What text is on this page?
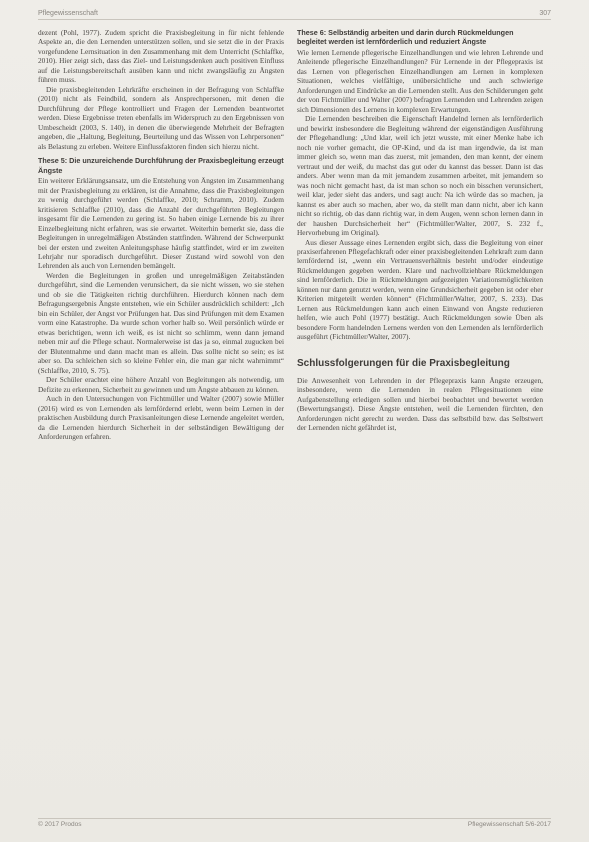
Pflegewissenschaft	307

dezent (Pohl, 1977). Zudem spricht die Praxisbegleitung in für nicht fehlende Aspekte an, die den Lernenden unterstützen sollen, und sie setzt die in der Praxis vorgefundene Lernsituation in den Zusammenhang mit dem Unterricht (Schlaffke, 2010). Hier zeigt sich, dass das Ziel- und Leistungsdenken auch positiven Einfluss auf die Leistungsbereitschaft ausüben kann und nicht zwangsläufig zu Ängsten führen muss.

Die praxisbegleitenden Lehrkräfte erscheinen in der Befragung von Schlaffke (2010) nicht als Feindbild, sondern als Ansprechpersonen, mit denen die Durchführung der Pflege kontrolliert und Fragen der Lernenden beantwortet werden. Diese Ergebnisse treten ebenfalls im Widerspruch zu den Ergebnissen von Umbescheidt (2003, S. 140), in denen die überwiegende Mehrheit der Befragten angeben, die „Haltung, Begleitung, Beurteilung und das Wissen von Lehrpersonen“ als Belastung zu erleben. Weitere Einflussfaktoren finden sich hierzu nicht.

These 5: Die unzureichende Durchführung der Praxisbegleitung erzeugt Ängste

Ein weiterer Erklärungsansatz, um die Entstehung von Ängsten im Zusammenhang mit der Praxisbegleitung zu erklären, ist die Annahme, dass die Praxisbegleitungen zu wenig durchgeführt werden (Schlaffke, 2010; Schramm, 2010). Zudem kritisieren Schlaffke (2010), dass die Anzahl der durchgeführten Begleitungen insgesamt für die Lernenden zu gering ist. So haben einige Lernende bis zu ihrer Einzelbegleitung nicht erfahren, was sie erwartet. Weiterhin bemerkt sie, dass die Begleitungen in unregelmäßigen Abständen stattfinden. Während der Schwerpunkt bei der ersten und zweiten Anleitungsphase häufig stattfindet, wird er im zweiten Lehrjahr nur sporadisch durchgeführt. Dieser Zustand wird sowohl von den Lehrenden als auch von Lernenden bemängelt.

Werden die Begleitungen in großen und unregelmäßigen Zeitabständen durchgeführt, sind die Lernenden verunsichert, da sie nicht wissen, wo sie stehen und ob sie die Tätigkeiten richtig durchführen. Hierdurch können nach dem Befragungsergebnis Ängste entstehen, wie ein Schüler ausdrücklich schildert: „Ich bin ein Schüler, der Angst vor Prüfungen hat. Das sind Prüfungen mit dem Examen vorm eine Katastrophe. Da wurde schon vorher halb so. Weil persönlich würde er etwas berichtigen, wenn ich weiß, es ist nicht so schlimm, wenn dann jemand neben mir auf die Pflege schaut. Normalerweise ist das ja so, einmal zugucken bei der Blutentnahme und dann macht man es allein. Das sollte nicht so sein; es ist aber so. Da schleichen sich so kleine Fehler ein, die man gar nicht wahrnimmt“ (Schlaffke, 2010, S. 75).

Der Schüler erachtet eine höhere Anzahl von Begleitungen als notwendig, um Defizite zu erkennen, Sicherheit zu gewinnen und um Ängste abbauen zu können.

Auch in den Untersuchungen von Fichtmüller und Walter (2007) sowie Müller (2016) wird es von Lernenden als lernfördernd erlebt, wenn beim Lernen in der praktischen Ausbildung durch Praxisanleitungen diese Lernende angeleitet werden, da die Lernenden hierdurch Sicherheit in der selbständigen Bewältigung der Anforderungen erfahren.

These 6: Selbständig arbeiten und darin durch Rückmeldungen begleitet werden ist lernförderlich und reduziert Ängste

Wie lernen Lernende pflegerische Einzelhandlungen und wie lehren Lehrende und Anleitende pflegerische Einzelhandlungen? Für Lernende in der Pflegepraxis ist das Lernen von pflegerischen Einzelhandlungen am Lernen in komplexen Situationen, welches vielfältige, unübersichtliche und auch schwierige Anforderungen und Eindrücke an die Lernenden stellt. Aus den Schilderungen geht der von Fichtmüller und Walter (2007) befragten Lernenden und Lehrenden zeigen sich Dimensionen des Lernens in komplexen Erwartungen.

Die Lernenden beschreiben die Eigenschaft Handelnd lernen als lernförderlich und bewirkt insbesondere die Begleitung während der eigenständigen Ausführung der Pflegehandlung: „Und klar, weil ich jetzt wusste, mit einer Menke habe ich noch nie vorher gemacht, die OP-Kind, und da ist man irgendwie, da ist man immer gleich so, wenn man das zuerst, mit jemanden, den man kennt, der einem vertraut und der weiß, du machst das gut oder du kannst das besser. Dann ist das anders. Aber wenn man da mit jemandem zusammen arbeitet, mit jemandem so was noch nicht gemacht hast, da ist man schon so noch ein bisschen verunsichert, weil klar, jeder sieht das anders, und sagt auch: Na ich würde das so machen, ja kannst es aber auch so machen, aber wo, da stellt man dann nicht, aber ich kann nicht so richtig, ob das dann richtig war, in dem Augen, wenn schon lernen dann in der haushen Durchsicherheit her“ (Fichtmüller/Walter, 2007, S. 232 f., Hervorhebung im Original).

Aus dieser Aussage eines Lernenden ergibt sich, dass die Begleitung von einer praxiserfahrenen Pflegefachkraft oder einer praxisbegleitenden Lehrkraft zum dann lernfördernd ist, „wenn ein Vertrauensverhältnis besteht und/oder eindeutige Rückmeldungen gegeben werden. Klare und nachvollziehbare Rückmeldungen sind lernförderlich. Die in Rückmeldungen aufgezeigten Variationsmöglichkeiten können nur dann genutzt werden, wenn eine Grundsicherheit gegeben ist oder eher Kriterien mitgeteilt werden können“ (Fichtmüller/Walter, 2007, S. 233). Das Lernen aus Rückmeldungen kann auch einen Einwand von Ängste reduzieren helfen, wie auch Pohl (1977) bestätigt. Auch Rückmeldungen sowie Üben als besondere Form handelnden Lernens werden von den Lernenden als lernförderlich ausgeführt (Fichtmüller/Walter, 2007).

Schlussfolgerungen für die Praxisbegleitung

Die Anwesenheit von Lehrenden in der Pflegepraxis kann Ängste erzeugen, insbesondere, wenn die Lernenden in realen Pflegesituationen eine Aufgabenstellung erledigen sollen und hierbei beobachtet und bewertet werden (Bewertungsangst). Diese Ängste entstehen, weil die Lernenden fürchten, den Anforderungen nicht gerecht zu werden. Dass das selbstbild bzw. das Selbstwert der Lernenden nicht gefährdet ist,

© 2017 Prodos	Pflegewissenschaft 5/6-2017
